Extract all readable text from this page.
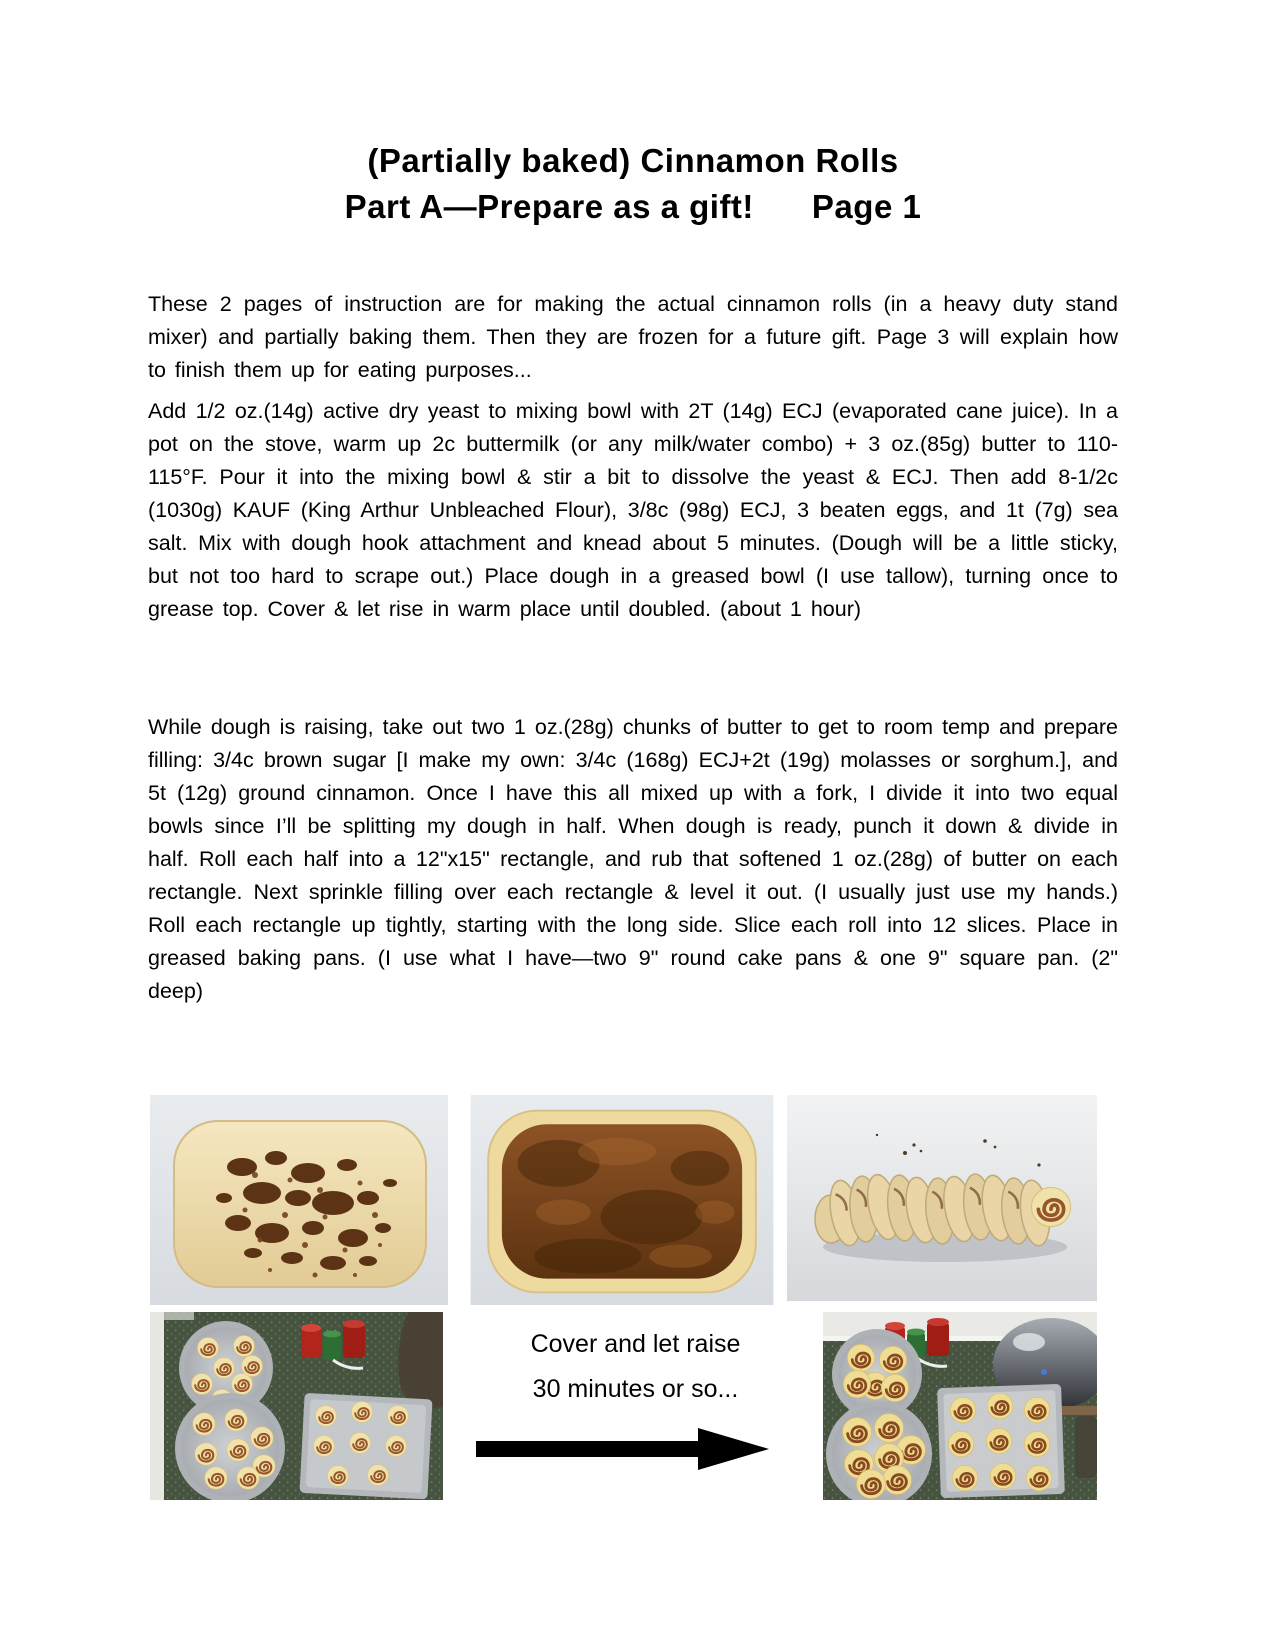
(Partially baked) Cinnamon Rolls
Part A—Prepare as a gift! Page 1

These 2 pages of instruction are for making the actual cinnamon rolls (in a heavy duty stand mixer) and partially baking them. Then they are frozen for a future gift. Page 3 will explain how to finish them up for eating purposes...

Add 1/2 oz.(14g) active dry yeast to mixing bowl with 2T (14g) ECJ (evaporated cane juice). In a pot on the stove, warm up 2c buttermilk (or any milk/water combo) + 3 oz.(85g) butter to 110-115°F. Pour it into the mixing bowl & stir a bit to dissolve the yeast & ECJ. Then add 8-1/2c (1030g) KAUF (King Arthur Unbleached Flour), 3/8c (98g) ECJ, 3 beaten eggs, and 1t (7g) sea salt. Mix with dough hook attachment and knead about 5 minutes. (Dough will be a little sticky, but not too hard to scrape out.) Place dough in a greased bowl (I use tallow), turning once to grease top. Cover & let rise in warm place until doubled. (about 1 hour)

While dough is raising, take out two 1 oz.(28g) chunks of butter to get to room temp and prepare filling: 3/4c brown sugar [I make my own: 3/4c (168g) ECJ+2t (19g) molasses or sorghum.], and 5t (12g) ground cinnamon. Once I have this all mixed up with a fork, I divide it into two equal bowls since I’ll be splitting my dough in half. When dough is ready, punch it down & divide in half. Roll each half into a 12"x15" rectangle, and rub that softened 1 oz.(28g) of butter on each rectangle. Next sprinkle filling over each rectangle & level it out. (I usually just use my hands.) Roll each rectangle up tightly, starting with the long side. Slice each roll into 12 slices. Place in greased baking pans. (I use what I have—two 9" round cake pans & one 9" square pan. (2" deep)

Cover and let raise
30 minutes or so...
